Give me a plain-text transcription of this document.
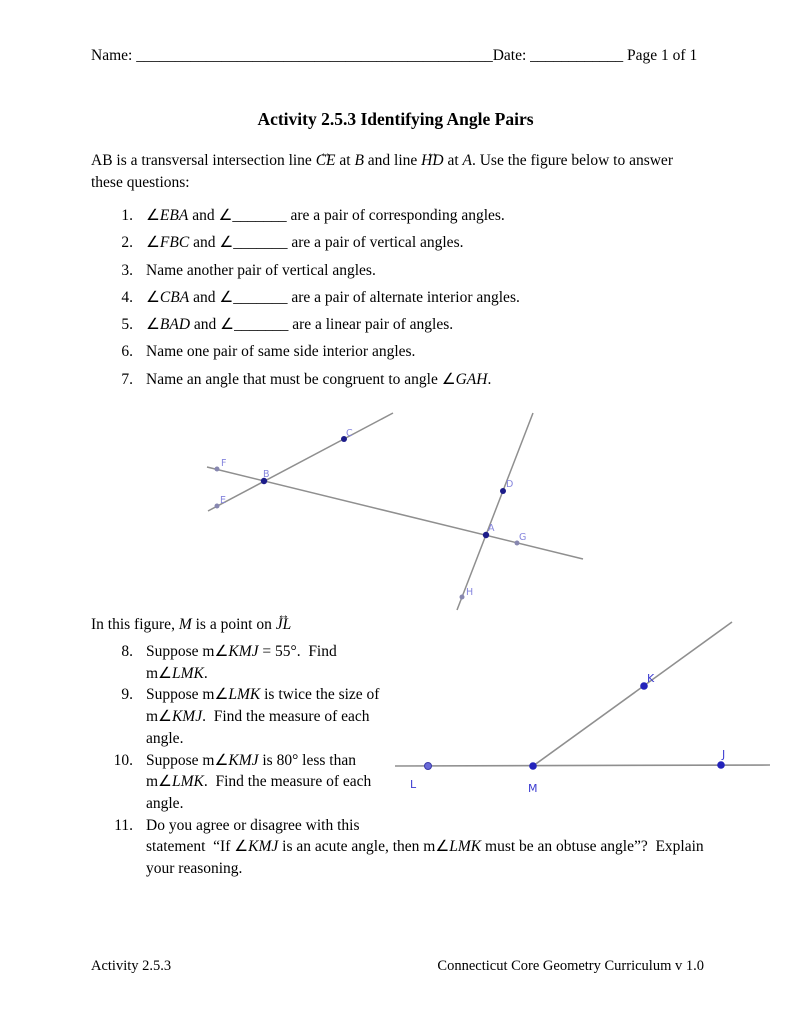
Name: ______________________________________________Date: ____________ Page 1 of 1
Activity 2.5.3 Identifying Angle Pairs
AB is a transversal intersection line ↔ CE at B and line ↔ HD at A. Use the figure below to answer
these questions:
1. ∠EBA and ∠_______ are a pair of corresponding angles.
2. ∠FBC and ∠_______ are a pair of vertical angles.
3. Name another pair of vertical angles.
4. ∠CBA and ∠_______ are a pair of alternate interior angles.
5. ∠BAD and ∠_______ are a linear pair of angles.
6. Name one pair of same side interior angles.
7. Name an angle that must be congruent to angle ∠GAH.
C
B
F
E
D
A
G
H
In this figure, M is a point on ↔ JL
8. Suppose m∠KMJ = 55°.  Find
m∠LMK.
9. Suppose m∠LMK is twice the size of
m∠KMJ.  Find the measure of each
angle.
10. Suppose m∠KMJ is 80° less than
m∠LMK.  Find the measure of each
angle.
11. Do you agree or disagree with this
statement  “If ∠KMJ is an acute angle, then m∠LMK must be an obtuse angle”?  Explain
your reasoning.
L	M
K
J
Activity 2.5.3	Connecticut Core Geometry Curriculum v 1.0
